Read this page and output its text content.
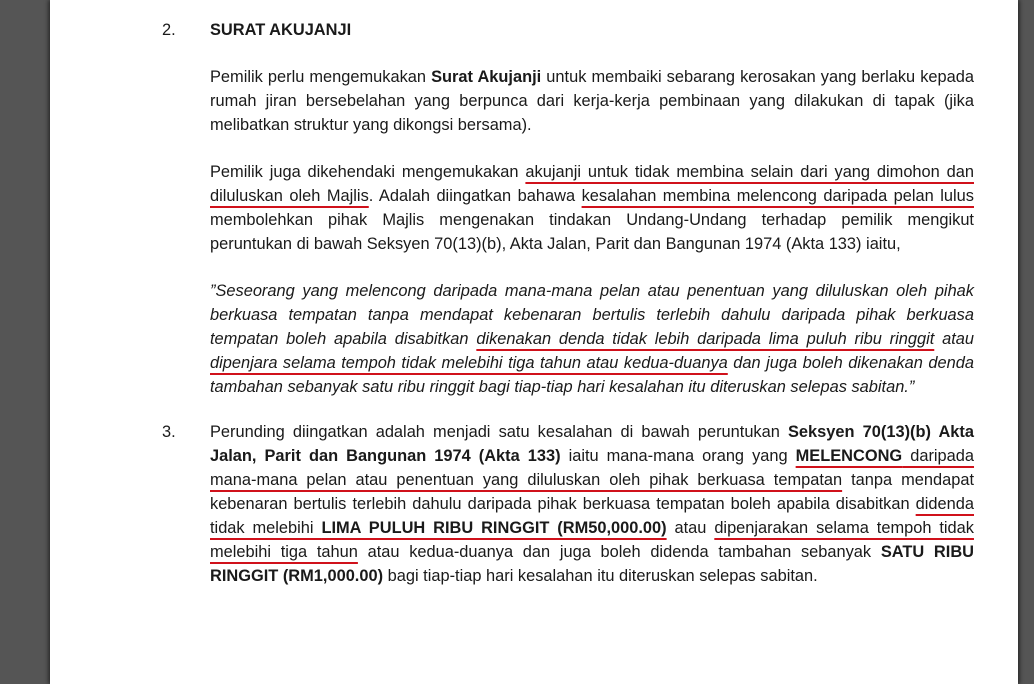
2. SURAT AKUJANJI

Pemilik perlu mengemukakan Surat Akujanji untuk membaiki sebarang kerosakan yang berlaku kepada rumah jiran bersebelahan yang berpunca dari kerja-kerja pembinaan yang dilakukan di tapak (jika melibatkan struktur yang dikongsi bersama).

Pemilik juga dikehendaki mengemukakan akujanji untuk tidak membina selain dari yang dimohon dan diluluskan oleh Majlis. Adalah diingatkan bahawa kesalahan membina melencong daripada pelan lulus membolehkan pihak Majlis mengenakan tindakan Undang-Undang terhadap pemilik mengikut peruntukan di bawah Seksyen 70(13)(b), Akta Jalan, Parit dan Bangunan 1974 (Akta 133) iaitu,

”Seseorang yang melencong daripada mana-mana pelan atau penentuan yang diluluskan oleh pihak berkuasa tempatan tanpa mendapat kebenaran bertulis terlebih dahulu daripada pihak berkuasa tempatan boleh apabila disabitkan dikenakan denda tidak lebih daripada lima puluh ribu ringgit atau dipenjara selama tempoh tidak melebihi tiga tahun atau kedua-duanya dan juga boleh dikenakan denda tambahan sebanyak satu ribu ringgit bagi tiap-tiap hari kesalahan itu diteruskan selepas sabitan.”

3. Perunding diingatkan adalah menjadi satu kesalahan di bawah peruntukan Seksyen 70(13)(b) Akta Jalan, Parit dan Bangunan 1974 (Akta 133) iaitu mana-mana orang yang MELENCONG daripada mana-mana pelan atau penentuan yang diluluskan oleh pihak berkuasa tempatan tanpa mendapat kebenaran bertulis terlebih dahulu daripada pihak berkuasa tempatan boleh apabila disabitkan didenda tidak melebihi LIMA PULUH RIBU RINGGIT (RM50,000.00) atau dipenjarakan selama tempoh tidak melebihi tiga tahun atau kedua-duanya dan juga boleh didenda tambahan sebanyak SATU RIBU RINGGIT (RM1,000.00) bagi tiap-tiap hari kesalahan itu diteruskan selepas sabitan.
